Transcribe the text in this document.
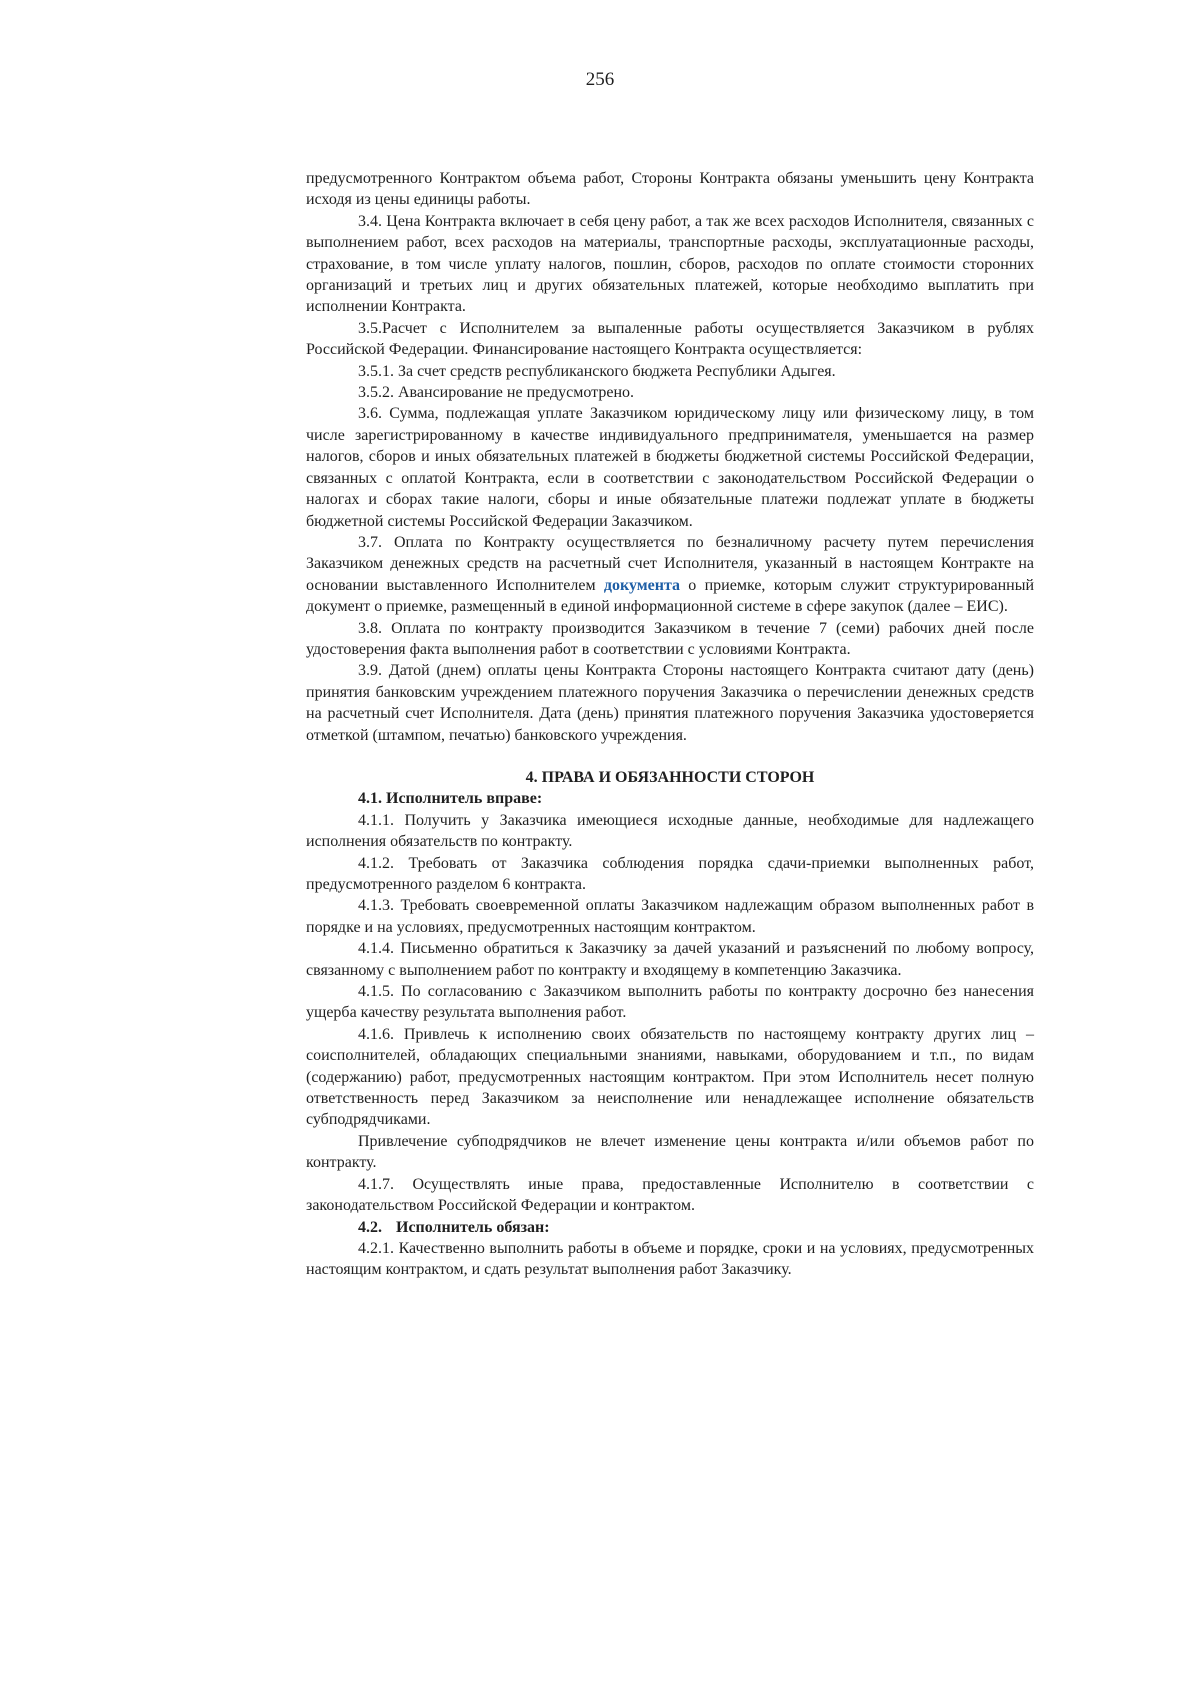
256

предусмотренного Контрактом объема работ, Стороны Контракта обязаны уменьшить цену Контракта исходя из цены единицы работы.

3.4. Цена Контракта включает в себя цену работ, а так же всех расходов Исполнителя, связанных с выполнением работ, всех расходов на материалы, транспортные расходы, эксплуатационные расходы, страхование, в том числе уплату налогов, пошлин, сборов, расходов по оплате стоимости сторонних организаций и третьих лиц и других обязательных платежей, которые необходимо выплатить при исполнении Контракта.

3.5.Расчет с Исполнителем за выпаленные работы осуществляется Заказчиком в рублях Российской Федерации. Финансирование настоящего Контракта осуществляется:

3.5.1. За счет средств республиканского бюджета Республики Адыгея.

3.5.2. Авансирование не предусмотрено.

3.6. Сумма, подлежащая уплате Заказчиком юридическому лицу или физическому лицу, в том числе зарегистрированному в качестве индивидуального предпринимателя, уменьшается на размер налогов, сборов и иных обязательных платежей в бюджеты бюджетной системы Российской Федерации, связанных с оплатой Контракта, если в соответствии с законодательством Российской Федерации о налогах и сборах такие налоги, сборы и иные обязательные платежи подлежат уплате в бюджеты бюджетной системы Российской Федерации Заказчиком.

3.7. Оплата по Контракту осуществляется по безналичному расчету путем перечисления Заказчиком денежных средств на расчетный счет Исполнителя, указанный в настоящем Контракте на основании выставленного Исполнителем документа о приемке, которым служит структурированный документ о приемке, размещенный в единой информационной системе в сфере закупок (далее – ЕИС).

3.8. Оплата по контракту производится Заказчиком в течение 7 (семи) рабочих дней после удостоверения факта выполнения работ в соответствии с условиями Контракта.

3.9. Датой (днем) оплаты цены Контракта Стороны настоящего Контракта считают дату (день) принятия банковским учреждением платежного поручения Заказчика о перечислении денежных средств на расчетный счет Исполнителя. Дата (день) принятия платежного поручения Заказчика удостоверяется отметкой (штампом, печатью) банковского учреждения.

4. ПРАВА И ОБЯЗАННОСТИ СТОРОН

4.1. Исполнитель вправе:

4.1.1. Получить у Заказчика имеющиеся исходные данные, необходимые для надлежащего исполнения обязательств по контракту.

4.1.2. Требовать от Заказчика соблюдения порядка сдачи-приемки выполненных работ, предусмотренного разделом 6 контракта.

4.1.3. Требовать своевременной оплаты Заказчиком надлежащим образом выполненных работ в порядке и на условиях, предусмотренных настоящим контрактом.

4.1.4. Письменно обратиться к Заказчику за дачей указаний и разъяснений по любому вопросу, связанному с выполнением работ по контракту и входящему в компетенцию Заказчика.

4.1.5. По согласованию с Заказчиком выполнить работы по контракту досрочно без нанесения ущерба качеству результата выполнения работ.

4.1.6. Привлечь к исполнению своих обязательств по настоящему контракту других лиц – соисполнителей, обладающих специальными знаниями, навыками, оборудованием и т.п., по видам (содержанию) работ, предусмотренных настоящим контрактом. При этом Исполнитель несет полную ответственность перед Заказчиком за неисполнение или ненадлежащее исполнение обязательств субподрядчиками.

Привлечение субподрядчиков не влечет изменение цены контракта и/или объемов работ по контракту.

4.1.7. Осуществлять иные права, предоставленные Исполнителю в соответствии с законодательством Российской Федерации и контрактом.

4.2. Исполнитель обязан:

4.2.1. Качественно выполнить работы в объеме и порядке, сроки и на условиях, предусмотренных настоящим контрактом, и сдать результат выполнения работ Заказчику.
